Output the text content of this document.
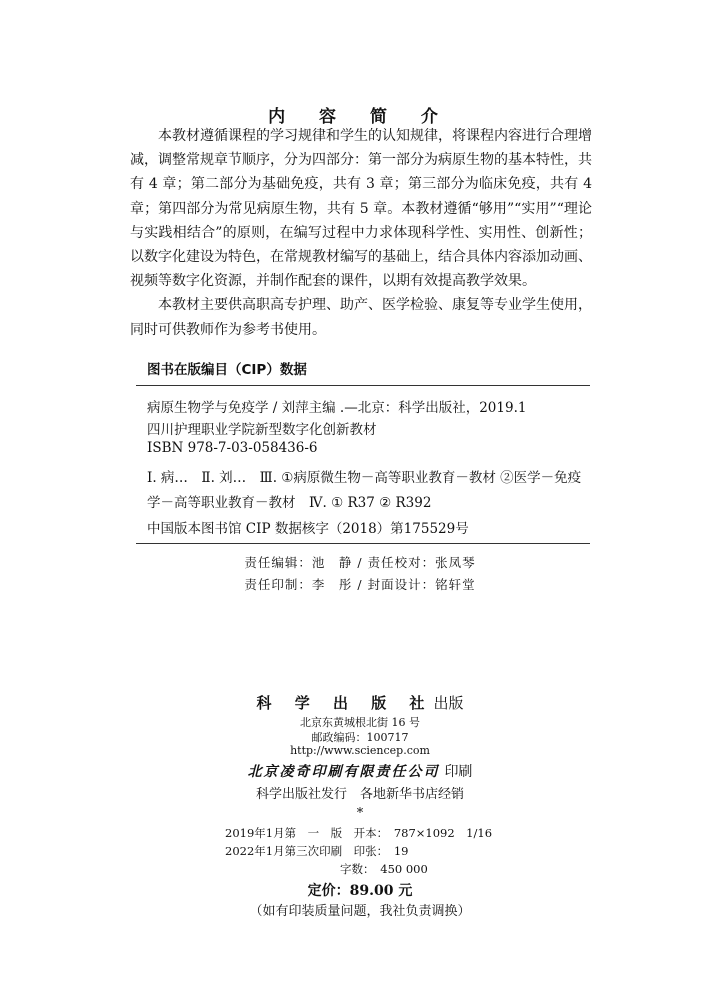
内 容 简 介

本教材遵循课程的学习规律和学生的认知规律，将课程内容进行合理增减，调整常规章节顺序，分为四部分：第一部分为病原生物的基本特性，共有 4 章；第二部分为基础免疫，共有 3 章；第三部分为临床免疫，共有 4 章；第四部分为常见病原生物，共有 5 章。本教材遵循“够用”“实用”“理论与实践相结合”的原则，在编写过程中力求体现科学性、实用性、创新性；以数字化建设为特色，在常规教材编写的基础上，结合具体内容添加动画、视频等数字化资源，并制作配套的课件，以期有效提高教学效果。

本教材主要供高职高专护理、助产、医学检验、康复等专业学生使用，同时可供教师作为参考书使用。

图书在版编目（CIP）数据
病原生物学与免疫学 / 刘萍主编 .—北京：科学出版社，2019.1
四川护理职业学院新型数字化创新教材
ISBN 978-7-03-058436-6
Ⅰ. 病…　Ⅱ. 刘…　Ⅲ. ①病原微生物－高等职业教育－教材 ②医学－免疫学－高等职业教育－教材　Ⅳ. ① R37 ② R392
中国版本图书馆 CIP 数据核字（2018）第175529号
责任编辑：池　静 / 责任校对：张凤琴
责任印制：李　彤 / 封面设计：铭轩堂
科 学 出 版 社出版
北京东黄城根北街 16 号
邮政编码：100717
http://www.sciencep.com
北京凌奇印刷有限责任公司 印刷
科学出版社发行　各地新华书店经销
*
2019年1月第　一　版　开本：　787×1092　1/16
2022年1月第三次印刷　印张：　19
字数：　450 000
定价：89.00 元
（如有印装质量问题，我社负责调换）
